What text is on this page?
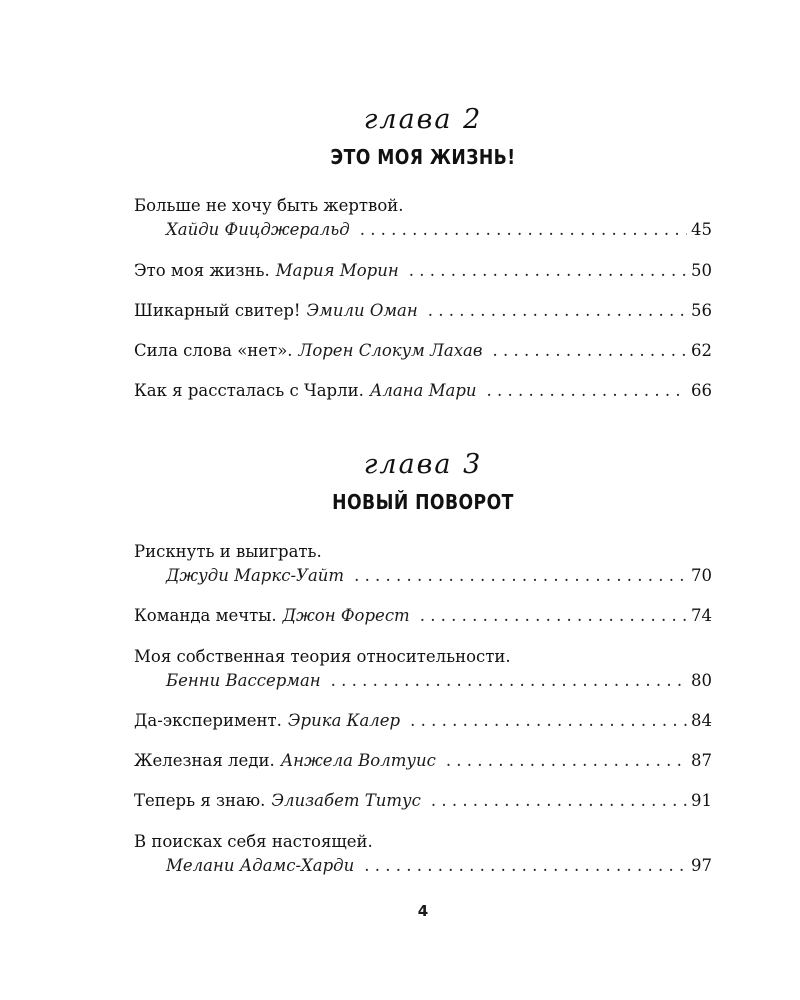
глава 2
ЭТО МОЯ ЖИЗНЬ!
Больше не хочу быть жертвой.
Хайди Фицджеральд . . .	45
Это моя жизнь. Мария Морин . . .	50
Шикарный свитер! Эмили Оман . . .	56
Сила слова «нет». Лорен Слокум Лахав . . .	62
Как я рассталась с Чарли. Алана Мари . . .	66
глава 3
НОВЫЙ ПОВОРОТ
Рискнуть и выиграть.
Джуди Маркс-Уайт . . .	70
Команда мечты. Джон Форест . . .	74
Моя собственная теория относительности.
Бенни Вассерман . . .	80
Да-эксперимент. Эрика Калер . . .	84
Железная леди. Анжела Волтуис . . .	87
Теперь я знаю. Элизабет Титус . . .	91
В поисках себя настоящей.
Мелани Адамс-Харди . . .	97
4
